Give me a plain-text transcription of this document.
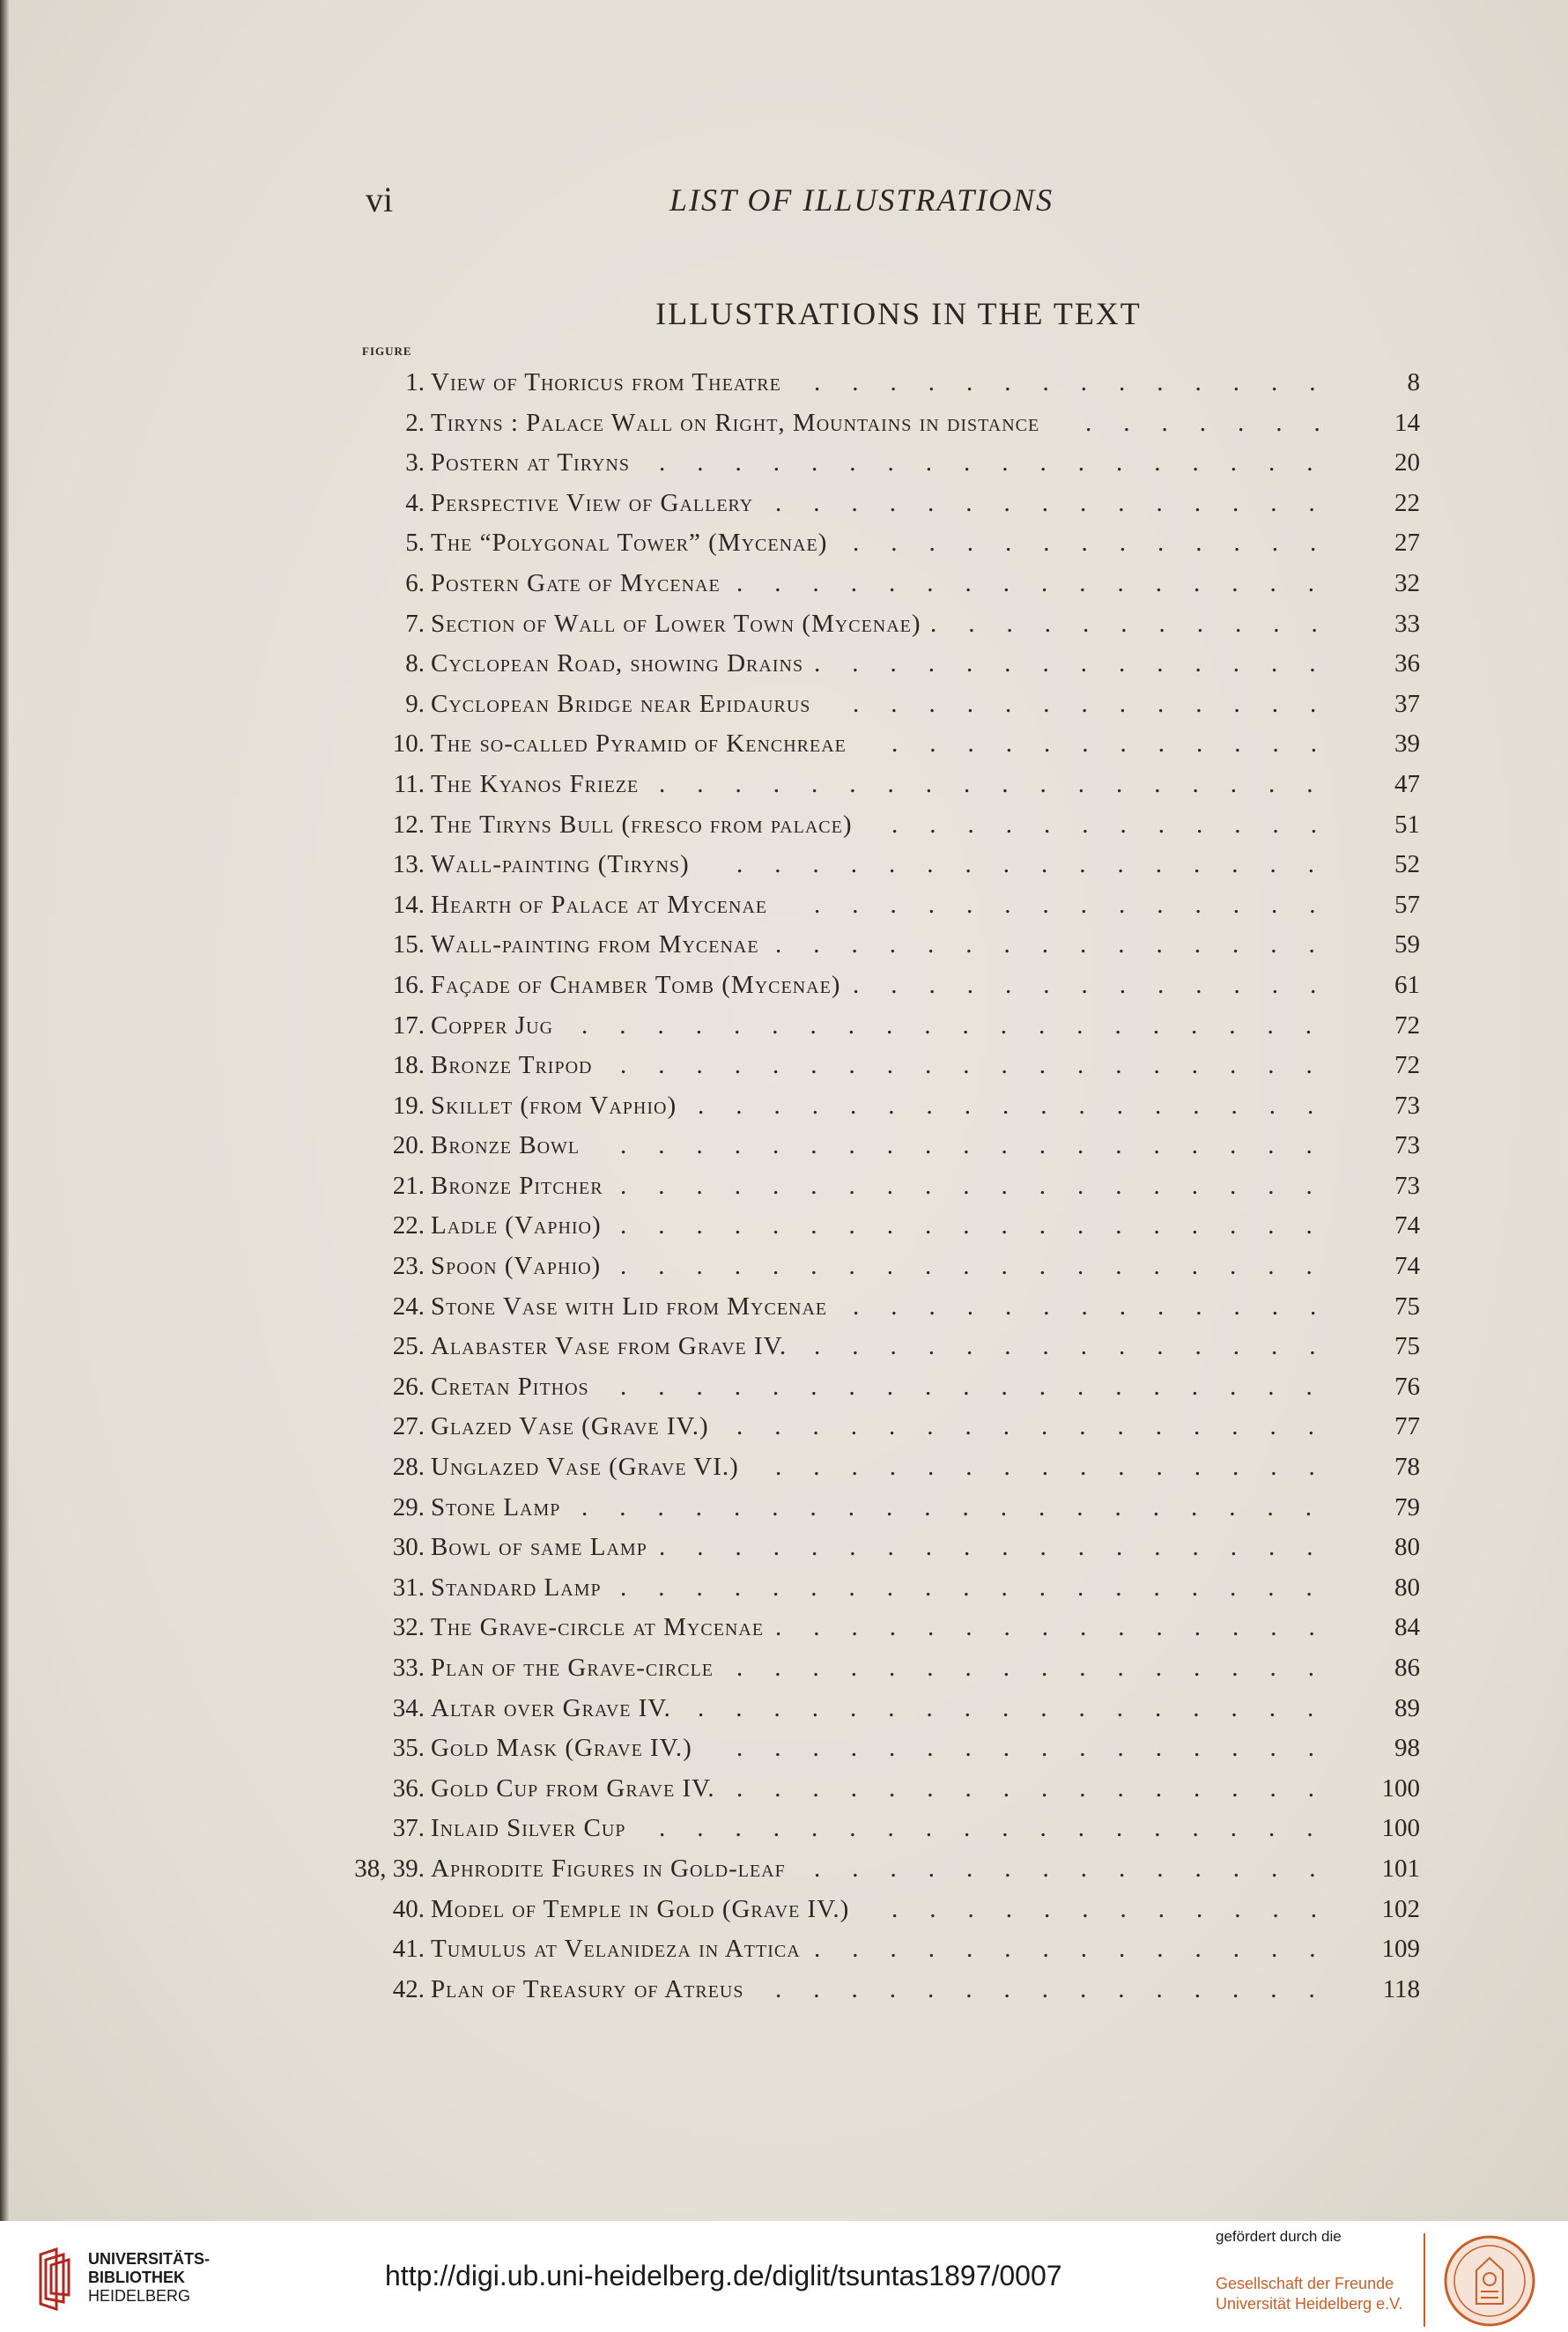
vi	LIST OF ILLUSTRATIONS
ILLUSTRATIONS IN THE TEXT
FIGURE
1. View of Thoricus from Theatre .............. 8
2. Tiryns : Palace Wall on Right, Mountains in distance ....... 14
3. Postern at Tiryns .................. 20
4. Perspective View of Gallery ............... 22
5. The “Polygonal Tower” (Mycenae) ............. 27
6. Postern Gate of Mycenae ................ 32
7. Section of Wall of Lower Town (Mycenae) ........... 33
8. Cyclopean Road, showing Drains .............. 36
9. Cyclopean Bridge near Epidaurus ............. 37
10. The so-called Pyramid of Kenchreae ............ 39
11. The Kyanos Frieze .................. 47
12. The Tiryns Bull (fresco from palace) ............ 51
13. Wall-painting (Tiryns) ................ 52
14. Hearth of Palace at Mycenae .............. 57
15. Wall-painting from Mycenae ............... 59
16. Façade of Chamber Tomb (Mycenae) ............. 61
17. Copper Jug .................... 72
18. Bronze Tripod ................... 72
19. Skillet (from Vaphio) ................. 73
20. Bronze Bowl ................... 73
21. Bronze Pitcher ................... 73
22. Ladle (Vaphio) ................... 74
23. Spoon (Vaphio) ................... 74
24. Stone Vase with Lid from Mycenae ............. 75
25. Alabaster Vase from Grave IV. .............. 75
26. Cretan Pithos ................... 76
27. Glazed Vase (Grave IV.) ................ 77
28. Unglazed Vase (Grave VI.) ............... 78
29. Stone Lamp .................... 79
30. Bowl of same Lamp .................. 80
31. Standard Lamp ................... 80
32. The Grave-circle at Mycenae ............... 84
33. Plan of the Grave-circle ................ 86
34. Altar over Grave IV. ................. 89
35. Gold Mask (Grave IV.) ................ 98
36. Gold Cup from Grave IV. ................ 100
37. Inlaid Silver Cup .................. 100
38, 39. Aphrodite Figures in Gold-leaf .............. 101
40. Model of Temple in Gold (Grave IV.) ............ 102
41. Tumulus at Velanideza in Attica .............. 109
42. Plan of Treasury of Atreus ............... 118
UNIVERSITÄTS-
BIBLIOTHEK
HEIDELBERG
http://digi.ub.uni-heidelberg.de/diglit/tsuntas1897/0007
gefördert durch die
Gesellschaft der Freunde
Universität Heidelberg e.V.
